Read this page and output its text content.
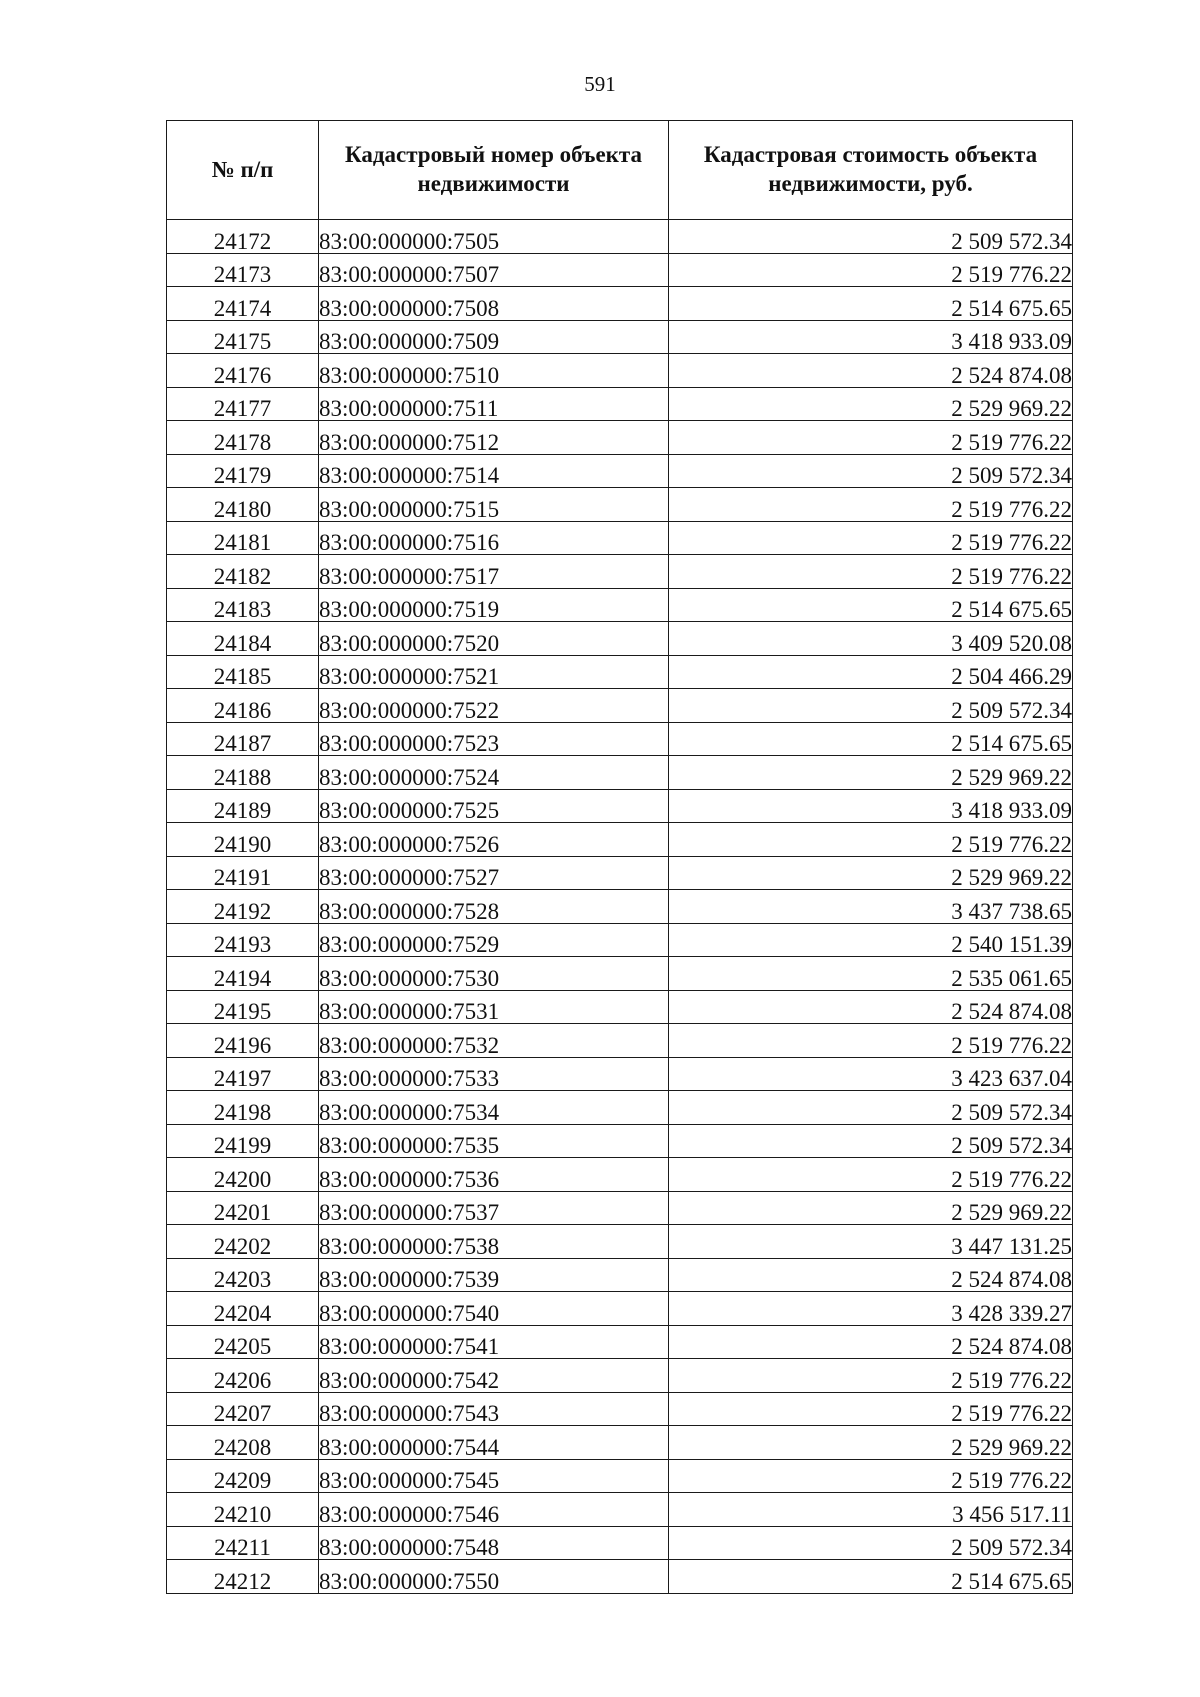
591
№ п/п	Кадастровый номер объекта недвижимости	Кадастровая стоимость объекта недвижимости, руб.
24172	83:00:000000:7505	2 509 572.34
24173	83:00:000000:7507	2 519 776.22
24174	83:00:000000:7508	2 514 675.65
24175	83:00:000000:7509	3 418 933.09
24176	83:00:000000:7510	2 524 874.08
24177	83:00:000000:7511	2 529 969.22
24178	83:00:000000:7512	2 519 776.22
24179	83:00:000000:7514	2 509 572.34
24180	83:00:000000:7515	2 519 776.22
24181	83:00:000000:7516	2 519 776.22
24182	83:00:000000:7517	2 519 776.22
24183	83:00:000000:7519	2 514 675.65
24184	83:00:000000:7520	3 409 520.08
24185	83:00:000000:7521	2 504 466.29
24186	83:00:000000:7522	2 509 572.34
24187	83:00:000000:7523	2 514 675.65
24188	83:00:000000:7524	2 529 969.22
24189	83:00:000000:7525	3 418 933.09
24190	83:00:000000:7526	2 519 776.22
24191	83:00:000000:7527	2 529 969.22
24192	83:00:000000:7528	3 437 738.65
24193	83:00:000000:7529	2 540 151.39
24194	83:00:000000:7530	2 535 061.65
24195	83:00:000000:7531	2 524 874.08
24196	83:00:000000:7532	2 519 776.22
24197	83:00:000000:7533	3 423 637.04
24198	83:00:000000:7534	2 509 572.34
24199	83:00:000000:7535	2 509 572.34
24200	83:00:000000:7536	2 519 776.22
24201	83:00:000000:7537	2 529 969.22
24202	83:00:000000:7538	3 447 131.25
24203	83:00:000000:7539	2 524 874.08
24204	83:00:000000:7540	3 428 339.27
24205	83:00:000000:7541	2 524 874.08
24206	83:00:000000:7542	2 519 776.22
24207	83:00:000000:7543	2 519 776.22
24208	83:00:000000:7544	2 529 969.22
24209	83:00:000000:7545	2 519 776.22
24210	83:00:000000:7546	3 456 517.11
24211	83:00:000000:7548	2 509 572.34
24212	83:00:000000:7550	2 514 675.65
